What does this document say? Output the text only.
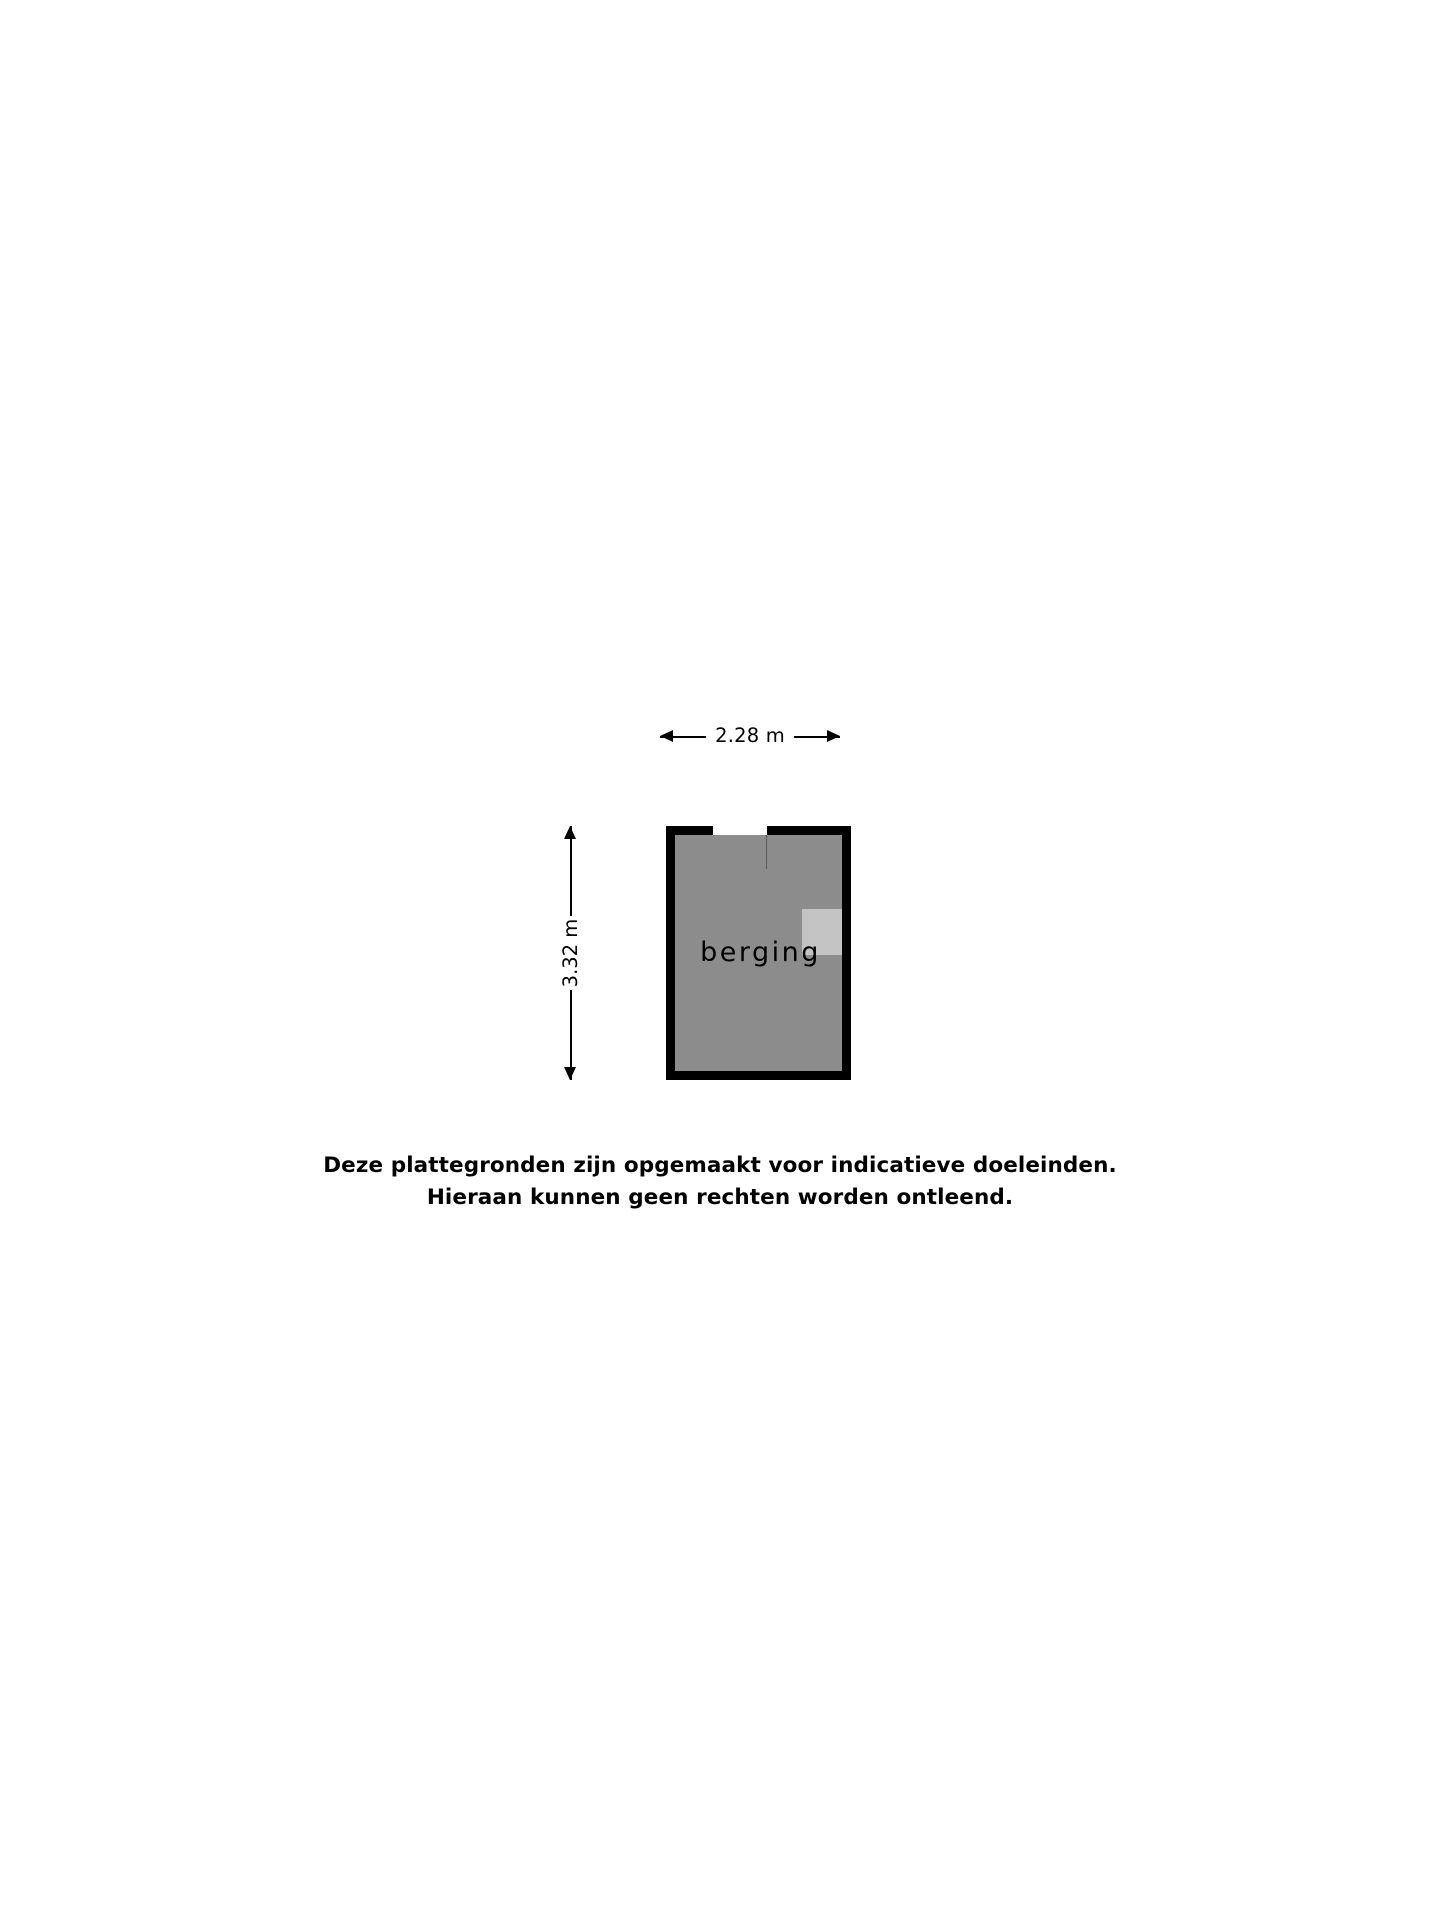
2.28 m
3.32 m	berging
Deze plattegronden zijn opgemaakt voor indicatieve doeleinden.
Hieraan kunnen geen rechten worden ontleend.
